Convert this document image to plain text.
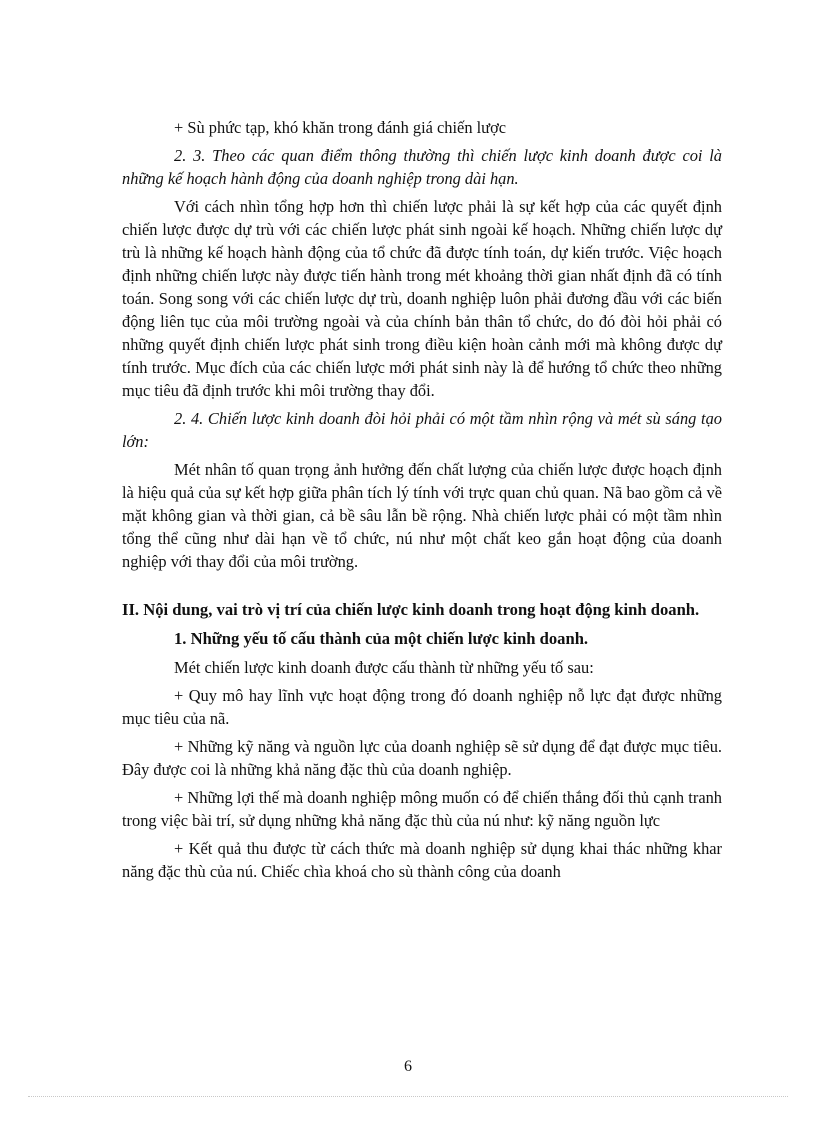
+ Sù phức tạp, khó khăn trong đánh giá chiến lược

2. 3. Theo các quan điểm thông thường thì chiến lược kinh doanh được coi là những kế hoạch hành động của doanh nghiệp trong dài hạn.

Với cách nhìn tổng hợp hơn thì chiến lược phải là sự kết hợp của các quyết định chiến lược được dự trù với các chiến lược phát sinh ngoài kế hoạch. Những chiến lược dự trù là những kế hoạch hành động của tổ chức đã được tính toán, dự kiến trước. Việc hoạch định những chiến lược này được tiến hành trong mét khoảng thời gian nhất định đã có tính toán. Song song với các chiến lược dự trù, doanh nghiệp luôn phải đương đầu với các biến động liên tục của môi trường ngoài và của chính bản thân tổ chức, do đó đòi hỏi phải có những quyết định chiến lược phát sinh trong điều kiện hoàn cảnh mới mà không được dự tính trước. Mục đích của các chiến lược mới phát sinh này là để hướng tổ chức theo những mục tiêu đã định trước khi môi trường thay đổi.

2. 4. Chiến lược kinh doanh đòi hỏi phải có một tầm nhìn rộng và mét sù sáng tạo lớn:

Mét nhân tố quan trọng ảnh hưởng đến chất lượng của chiến lược được hoạch định là hiệu quả của sự kết hợp giữa phân tích lý tính với trực quan chủ quan. Nã bao gồm cả về mặt không gian và thời gian, cả bề sâu lẫn bề rộng. Nhà chiến lược phải có một tầm nhìn tổng thể cũng như dài hạn về tổ chức, nú như một chất keo gắn hoạt động của doanh nghiệp với thay đổi của môi trường.

II. Nội dung, vai trò vị trí của chiến lược kinh doanh trong hoạt động kinh doanh.

1. Những yếu tố cấu thành của một chiến lược kinh doanh.

Mét chiến lược kinh doanh được cấu thành từ những yếu tố sau:

+ Quy mô hay lĩnh vực hoạt động trong đó doanh nghiệp nỗ lực đạt được những mục tiêu của nã.

+ Những kỹ năng và nguồn lực của doanh nghiệp sẽ sử dụng để đạt được mục tiêu. Đây được coi là những khả năng đặc thù của doanh nghiệp.

+ Những lợi thế mà doanh nghiệp mông muốn có để chiến thắng đối thủ cạnh tranh trong việc bài trí, sử dụng những khả năng đặc thù của nú như: kỹ năng nguồn lực

+ Kết quả thu được từ cách thức mà doanh nghiệp sử dụng khai thác những khar năng đặc thù của nú. Chiếc chìa khoá cho sù thành công của doanh

6
